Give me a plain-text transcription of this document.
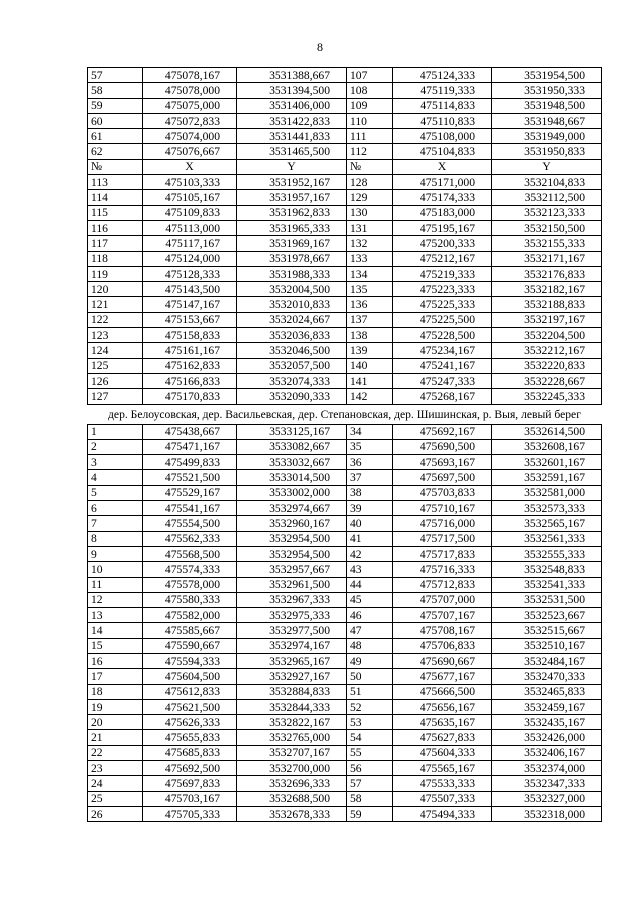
8
57	475078,167	3531388,667	107	475124,333	3531954,500
58	475078,000	3531394,500	108	475119,333	3531950,333
59	475075,000	3531406,000	109	475114,833	3531948,500
60	475072,833	3531422,833	110	475110,833	3531948,667
61	475074,000	3531441,833	111	475108,000	3531949,000
62	475076,667	3531465,500	112	475104,833	3531950,833
№	X	Y	№	X	Y
113	475103,333	3531952,167	128	475171,000	3532104,833
114	475105,167	3531957,167	129	475174,333	3532112,500
115	475109,833	3531962,833	130	475183,000	3532123,333
116	475113,000	3531965,333	131	475195,167	3532150,500
117	475117,167	3531969,167	132	475200,333	3532155,333
118	475124,000	3531978,667	133	475212,167	3532171,167
119	475128,333	3531988,333	134	475219,333	3532176,833
120	475143,500	3532004,500	135	475223,333	3532182,167
121	475147,167	3532010,833	136	475225,333	3532188,833
122	475153,667	3532024,667	137	475225,500	3532197,167
123	475158,833	3532036,833	138	475228,500	3532204,500
124	475161,167	3532046,500	139	475234,167	3532212,167
125	475162,833	3532057,500	140	475241,167	3532220,833
126	475166,833	3532074,333	141	475247,333	3532228,667
127	475170,833	3532090,333	142	475268,167	3532245,333
дер. Белоусовская, дер. Васильевская, дер. Степановская, дер. Шишинская, р. Выя, левый берег					
1	475438,667	3533125,167	34	475692,167	3532614,500
2	475471,167	3533082,667	35	475690,500	3532608,167
3	475499,833	3533032,667	36	475693,167	3532601,167
4	475521,500	3533014,500	37	475697,500	3532591,167
5	475529,167	3533002,000	38	475703,833	3532581,000
6	475541,167	3532974,667	39	475710,167	3532573,333
7	475554,500	3532960,167	40	475716,000	3532565,167
8	475562,333	3532954,500	41	475717,500	3532561,333
9	475568,500	3532954,500	42	475717,833	3532555,333
10	475574,333	3532957,667	43	475716,333	3532548,833
11	475578,000	3532961,500	44	475712,833	3532541,333
12	475580,333	3532967,333	45	475707,000	3532531,500
13	475582,000	3532975,333	46	475707,167	3532523,667
14	475585,667	3532977,500	47	475708,167	3532515,667
15	475590,667	3532974,167	48	475706,833	3532510,167
16	475594,333	3532965,167	49	475690,667	3532484,167
17	475604,500	3532927,167	50	475677,167	3532470,333
18	475612,833	3532884,833	51	475666,500	3532465,833
19	475621,500	3532844,333	52	475656,167	3532459,167
20	475626,333	3532822,167	53	475635,167	3532435,167
21	475655,833	3532765,000	54	475627,833	3532426,000
22	475685,833	3532707,167	55	475604,333	3532406,167
23	475692,500	3532700,000	56	475565,167	3532374,000
24	475697,833	3532696,333	57	475533,333	3532347,333
25	475703,167	3532688,500	58	475507,333	3532327,000
26	475705,333	3532678,333	59	475494,333	3532318,000
